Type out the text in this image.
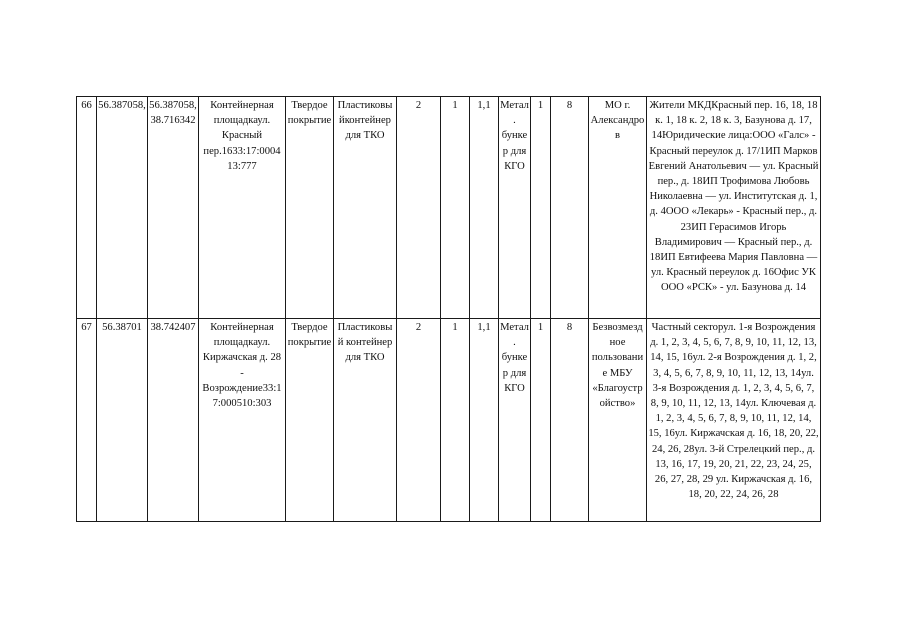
66	56.387058,	56.387058, 38.716342	Контейнерная площадкаул. Красный пер.1633:17:0004 13:777	Твердое покрытие	Пластиковы йконтейнер для ТКО	2	1	1,1	Метал. бункер для КГО	1	8	МО г. Александро в	Жители МКДКрасный пер. 16, 18, 18 к. 1, 18 к. 2, 18 к. 3, Базунова д. 17, 14Юридические лица:ООО «Галс» - Красный переулок д. 17/1ИП Марков Евгений Анатольевич — ул. Красный пер., д. 18ИП Трофимова Любовь Николаевна — ул. Институтская д. 1, д. 4ООО «Лекарь» - Красный пер., д. 23ИП Герасимов Игорь Владимирович — Красный пер., д. 18ИП Евтифеева Мария Павловна — ул. Красный переулок д. 16Офис УК ООО «РСК» - ул. Базунова д. 14
67	56.38701	38.742407	Контейнерная площадкаул. Киржачская д. 28 - Возрождение33:1 7:000510:303	Твердое покрытие	Пластиковы й контейнер для ТКО	2	1	1,1	Метал. бункер для КГО	1	8	Безвозмезд ное пользовани е МБУ «Благоустр ойство»	Частный секторул. 1-я Возрождения д. 1, 2, 3, 4, 5, 6, 7, 8, 9, 10, 11, 12, 13, 14, 15, 16ул. 2-я Возрождения д. 1, 2, 3, 4, 5, 6, 7, 8, 9, 10, 11, 12, 13, 14ул. 3-я Возрождения д. 1, 2, 3, 4, 5, 6, 7, 8, 9, 10, 11, 12, 13, 14ул. Ключевая д. 1, 2, 3, 4, 5, 6, 7, 8, 9, 10, 11, 12, 14, 15, 16ул. Киржачская д. 16, 18, 20, 22, 24, 26, 28ул. 3-й Стрелецкий пер., д. 13, 16, 17, 19, 20, 21, 22, 23, 24, 25, 26, 27, 28, 29 ул. Киржачская д. 16, 18, 20, 22, 24, 26, 28
